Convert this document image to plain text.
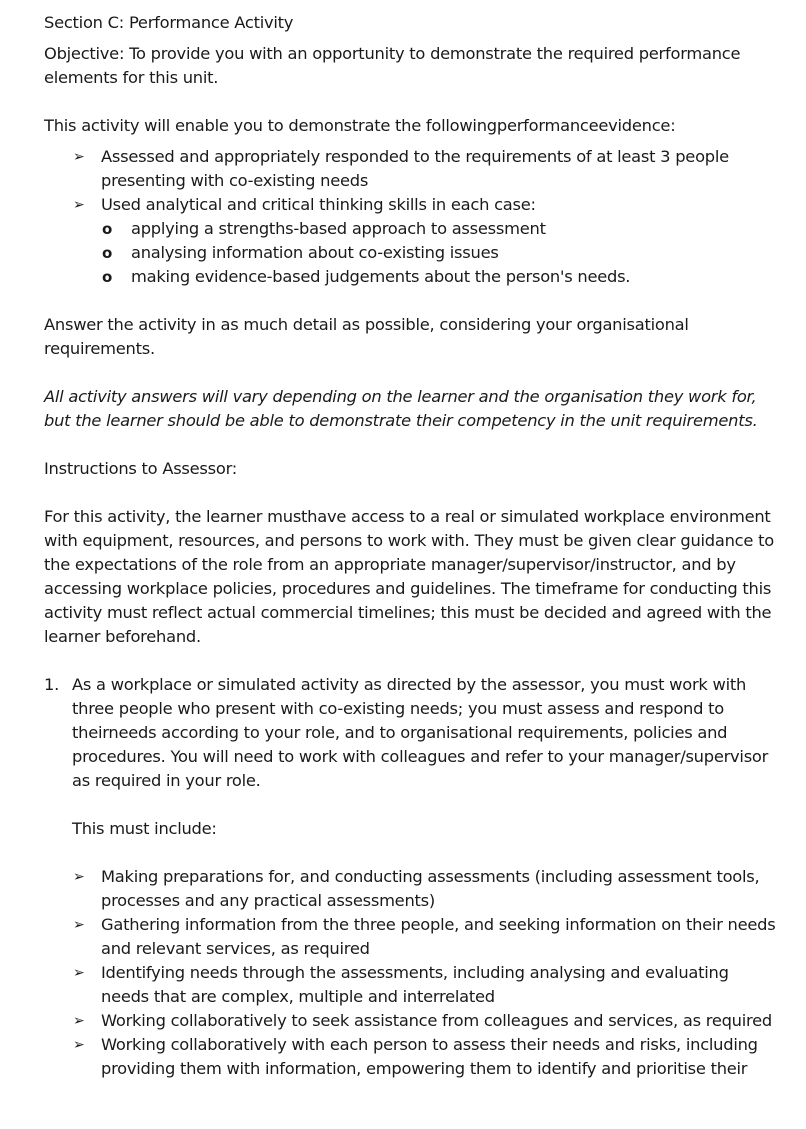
Section C: Performance Activity

Objective: To provide you with an opportunity to demonstrate the required performance elements for this unit.

This activity will enable you to demonstrate the followingperformanceevidence:

➢ Assessed and appropriately responded to the requirements of at least 3 people presenting with co-existing needs
➢ Used analytical and critical thinking skills in each case:
o applying a strengths-based approach to assessment
o analysing information about co-existing issues
o making evidence-based judgements about the person's needs.

Answer the activity in as much detail as possible, considering your organisational requirements.

All activity answers will vary depending on the learner and the organisation they work for, but the learner should be able to demonstrate their competency in the unit requirements.

Instructions to Assessor:

For this activity, the learner musthave access to a real or simulated workplace environment with equipment, resources, and persons to work with. They must be given clear guidance to the expectations of the role from an appropriate manager/supervisor/instructor, and by accessing workplace policies, procedures and guidelines. The timeframe for conducting this activity must reflect actual commercial timelines; this must be decided and agreed with the learner beforehand.

1. As a workplace or simulated activity as directed by the assessor, you must work with three people who present with co-existing needs; you must assess and respond to theirneeds according to your role, and to organisational requirements, policies and procedures. You will need to work with colleagues and refer to your manager/supervisor as required in your role.

This must include:

➢ Making preparations for, and conducting assessments (including assessment tools, processes and any practical assessments)
➢ Gathering information from the three people, and seeking information on their needs and relevant services, as required
➢ Identifying needs through the assessments, including analysing and evaluating needs that are complex, multiple and interrelated
➢ Working collaboratively to seek assistance from colleagues and services, as required
➢ Working collaboratively with each person to assess their needs and risks, including providing them with information, empowering them to identify and prioritise their
